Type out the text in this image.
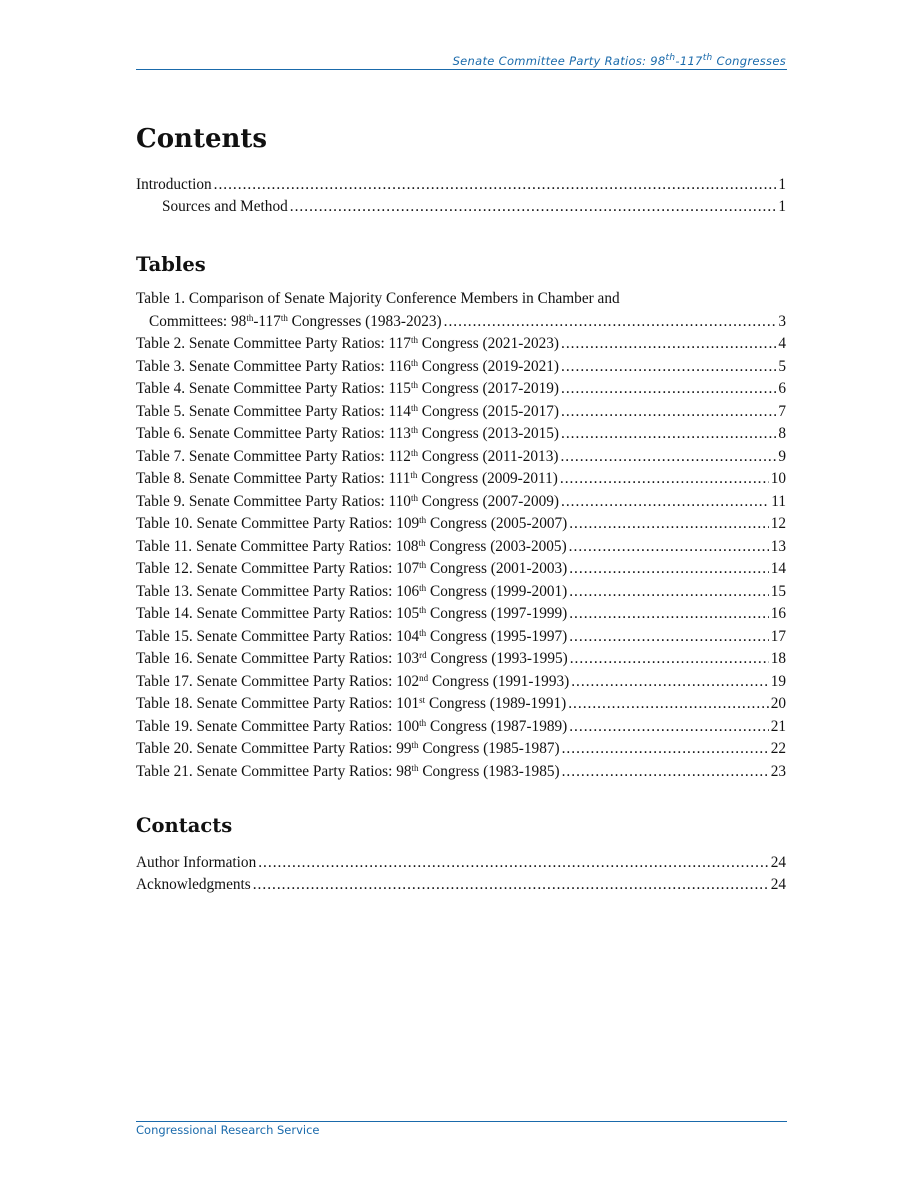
Senate Committee Party Ratios: 98th-117th Congresses
Contents
Introduction .....	1
Sources and Method .....	1
Tables
Table 1. Comparison of Senate Majority Conference Members in Chamber and
Committees: 98th-117th Congresses (1983-2023) .....	3
Table 2. Senate Committee Party Ratios: 117th Congress (2021-2023) .....	4
Table 3. Senate Committee Party Ratios: 116th Congress (2019-2021) .....	5
Table 4. Senate Committee Party Ratios: 115th Congress (2017-2019) .....	6
Table 5. Senate Committee Party Ratios: 114th Congress (2015-2017) .....	7
Table 6. Senate Committee Party Ratios: 113th Congress (2013-2015) .....	8
Table 7. Senate Committee Party Ratios: 112th Congress (2011-2013) .....	9
Table 8. Senate Committee Party Ratios: 111th Congress (2009-2011) .....	10
Table 9. Senate Committee Party Ratios: 110th Congress (2007-2009) .....	11
Table 10. Senate Committee Party Ratios: 109th Congress (2005-2007) .....	12
Table 11. Senate Committee Party Ratios: 108th Congress (2003-2005) .....	13
Table 12. Senate Committee Party Ratios: 107th Congress (2001-2003) .....	14
Table 13. Senate Committee Party Ratios: 106th Congress (1999-2001) .....	15
Table 14. Senate Committee Party Ratios: 105th Congress (1997-1999) .....	16
Table 15. Senate Committee Party Ratios: 104th Congress (1995-1997) .....	17
Table 16. Senate Committee Party Ratios: 103rd Congress (1993-1995) .....	18
Table 17. Senate Committee Party Ratios: 102nd Congress (1991-1993) .....	19
Table 18. Senate Committee Party Ratios: 101st Congress (1989-1991) .....	20
Table 19. Senate Committee Party Ratios: 100th Congress (1987-1989) .....	21
Table 20. Senate Committee Party Ratios: 99th Congress (1985-1987) .....	22
Table 21. Senate Committee Party Ratios: 98th Congress (1983-1985) .....	23
Contacts
Author Information .....	24
Acknowledgments .....	24
Congressional Research Service
